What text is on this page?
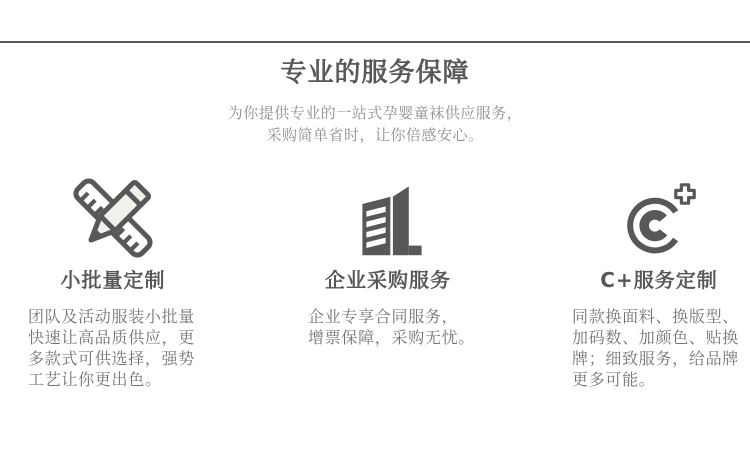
专业的服务保障
为你提供专业的一站式孕婴童袜供应服务，
采购简单省时，让你倍感安心。
小批量定制
团队及活动服装小批量
快速让高品质供应，更
多款式可供选择，强势
工艺让你更出色。
企业采购服务
企业专享合同服务，
增票保障，采购无忧。
C+服务定制
同款换面料、换版型、
加码数、加颜色、贴换
牌；细致服务，给品牌
更多可能。
